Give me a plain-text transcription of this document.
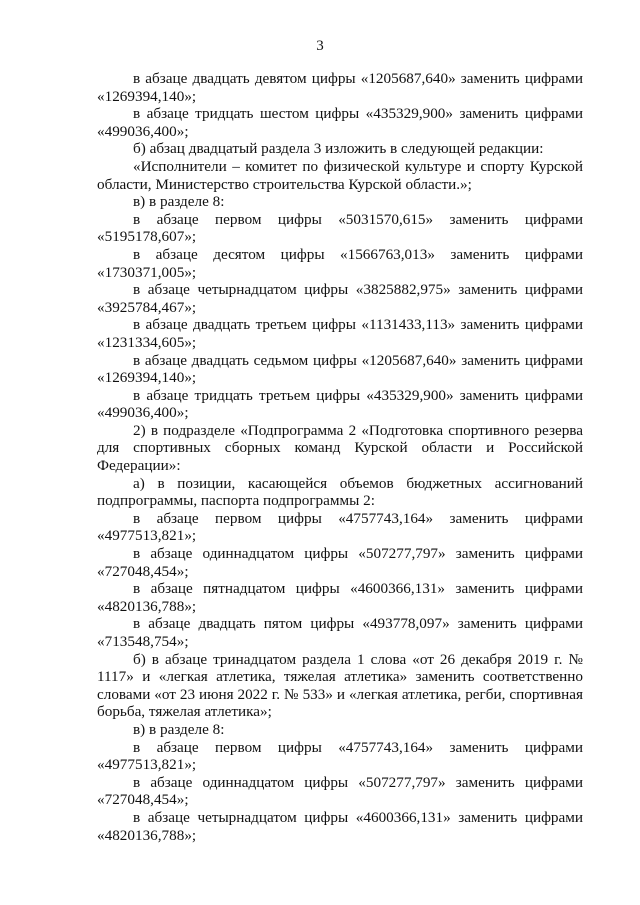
3

в абзаце двадцать девятом цифры «1205687,640» заменить цифрами «1269394,140»;

в абзаце тридцать шестом цифры «435329,900» заменить цифрами «499036,400»;

б) абзац двадцатый раздела 3 изложить в следующей редакции:

«Исполнители – комитет по физической культуре и спорту Курской области, Министерство строительства Курской области.»;

в) в разделе 8:

в абзаце первом цифры «5031570,615» заменить цифрами «5195178,607»;

в абзаце десятом цифры «1566763,013» заменить цифрами «1730371,005»;

в абзаце четырнадцатом цифры «3825882,975» заменить цифрами «3925784,467»;

в абзаце двадцать третьем цифры «1131433,113» заменить цифрами «1231334,605»;

в абзаце двадцать седьмом цифры «1205687,640» заменить цифрами «1269394,140»;

в абзаце тридцать третьем цифры «435329,900» заменить цифрами «499036,400»;

2) в подразделе «Подпрограмма 2 «Подготовка спортивного резерва для спортивных сборных команд Курской области и Российской Федерации»:

а) в позиции, касающейся объемов бюджетных ассигнований подпрограммы, паспорта подпрограммы 2:

в абзаце первом цифры «4757743,164» заменить цифрами «4977513,821»;

в абзаце одиннадцатом цифры «507277,797» заменить цифрами «727048,454»;

в абзаце пятнадцатом цифры «4600366,131» заменить цифрами «4820136,788»;

в абзаце двадцать пятом цифры «493778,097» заменить цифрами «713548,754»;

б) в абзаце тринадцатом раздела 1 слова «от 26 декабря 2019 г. № 1117» и «легкая атлетика, тяжелая атлетика» заменить соответственно словами «от 23 июня 2022 г. № 533» и «легкая атлетика, регби, спортивная борьба, тяжелая атлетика»;

в) в разделе 8:

в абзаце первом цифры «4757743,164» заменить цифрами «4977513,821»;

в абзаце одиннадцатом цифры «507277,797» заменить цифрами «727048,454»;

в абзаце четырнадцатом цифры «4600366,131» заменить цифрами «4820136,788»;
